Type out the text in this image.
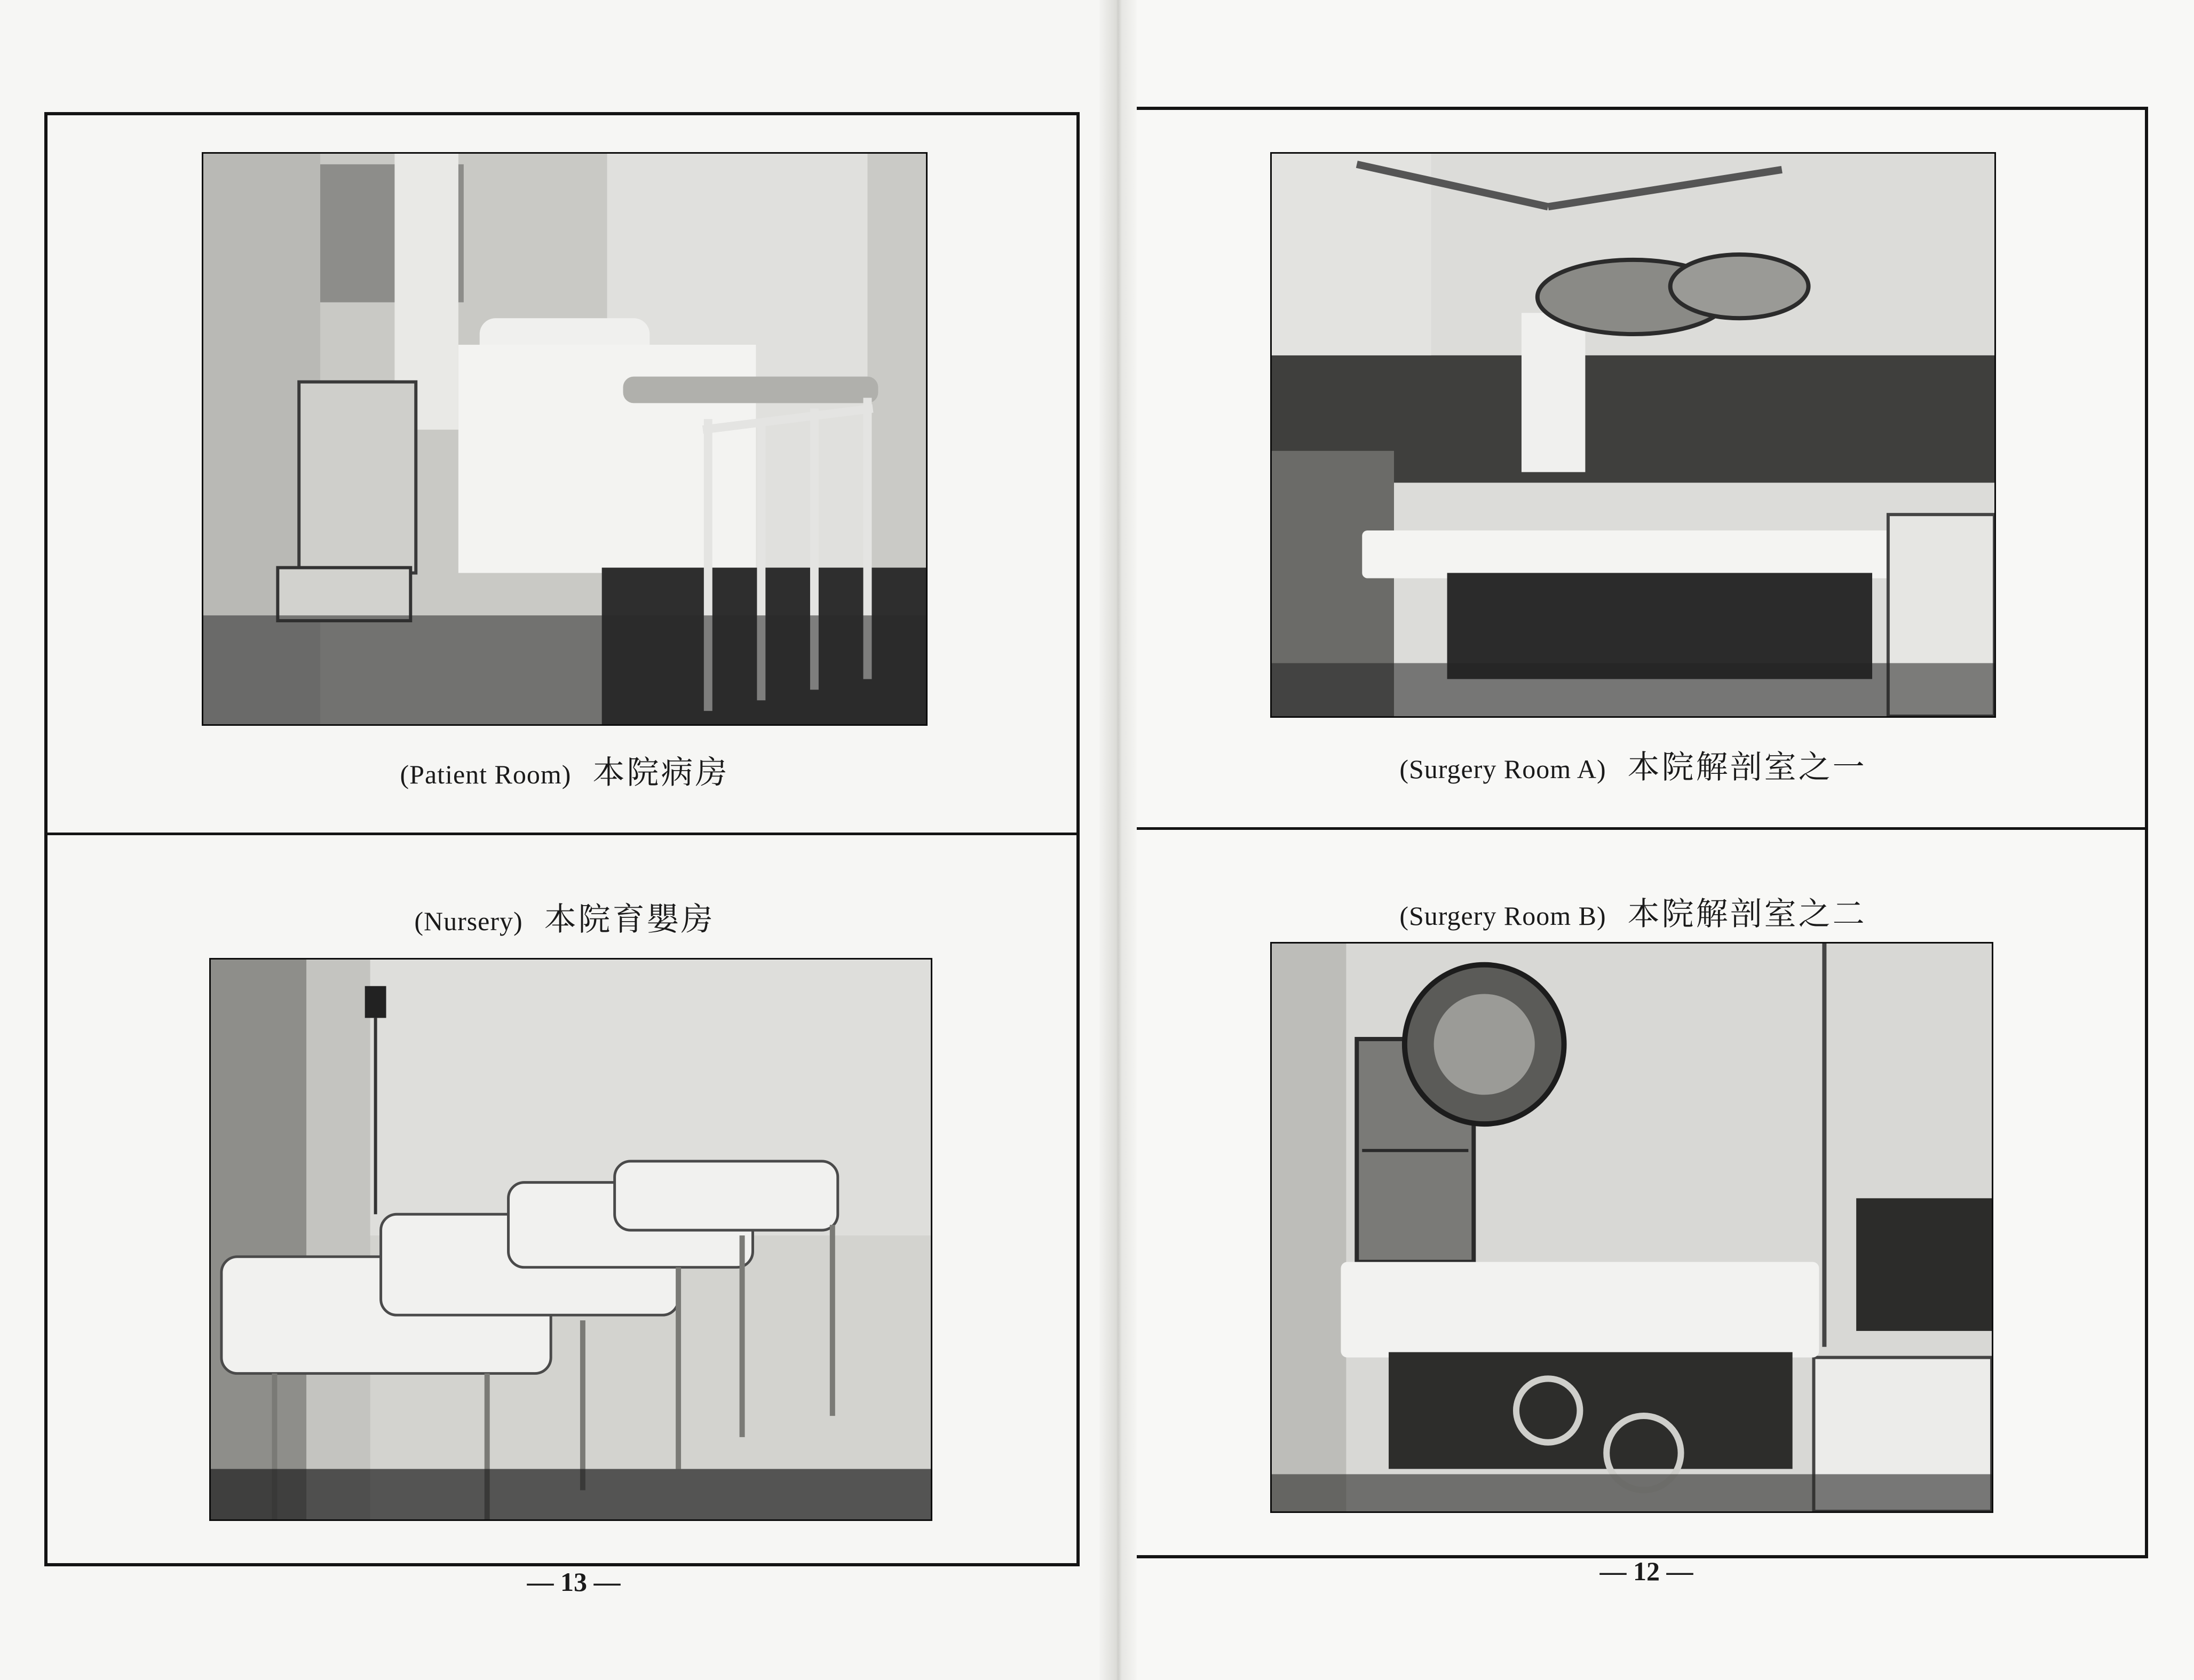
(Patient Room) 本院病房
(Nursery) 本院育嬰房
— 13 —
(Surgery Room A) 本院解剖室之一
(Surgery Room B) 本院解剖室之二
— 12 —
